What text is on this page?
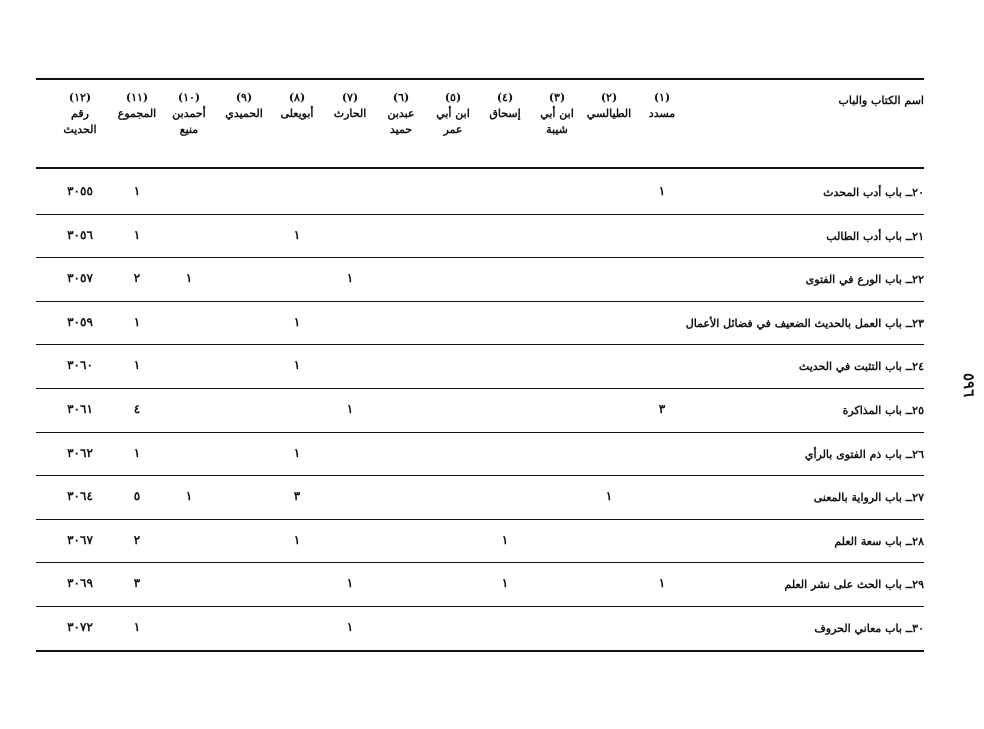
اسم الكتاب والباب
(١)
مسدد
(٢)
الطيالسي
(٣)
ابن أبي
شيبة
(٤)
إسحاق
(٥)
ابن أبي
عمر
(٦)
عبدبن
حميد
(٧)
الحارث
(٨)
أبويعلى
(٩)
الحميدي
(١٠)
أحمدبن
منيع
(١١)
المجموع
(١٢)
رقم الحديث
٢٠ــ باب أدب المحدث
١
١
٣٠٥٥
٢١ــ باب أدب الطالب
١
١
٣٠٥٦
٢٢ــ باب الورع في الفتوى
١
١
٢
٣٠٥٧
٢٣ــ باب العمل بالحديث الضعيف في فضائل الأعمال
١
١
٣٠٥٩
٢٤ــ باب التثبت في الحديث
١
١
٣٠٦٠
٢٥ــ باب المذاكرة
٣
١
٤
٣٠٦١
٢٦ــ باب ذم الفتوى بالرأي
١
١
٣٠٦٢
٢٧ــ باب الرواية بالمعنى
١
٣
١
٥
٣٠٦٤
٢٨ــ باب سعة العلم
١
١
٢
٣٠٦٧
٢٩ــ باب الحث على نشر العلم
١
١
١
٣
٣٠٦٩
٣٠ــ باب معاني الحروف
١
١
٣٠٧٢
٥٩٦
